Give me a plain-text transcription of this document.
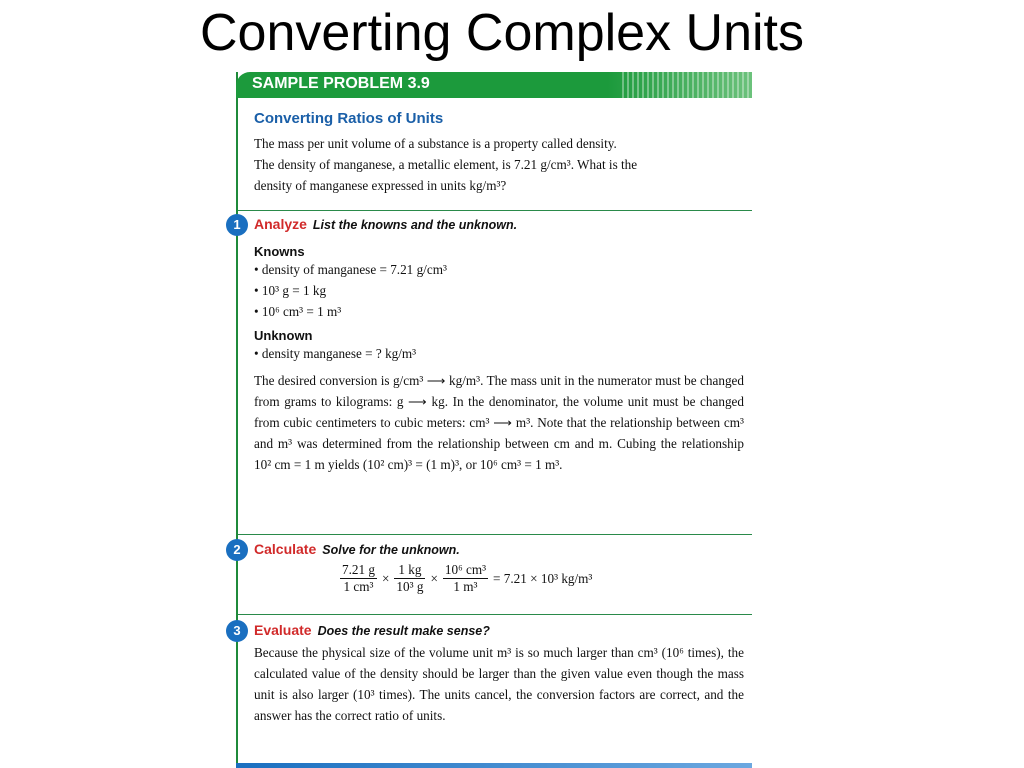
Converting Complex Units
SAMPLE PROBLEM 3.9
Converting Ratios of Units
The mass per unit volume of a substance is a property called density.
The density of manganese, a metallic element, is 7.21 g/cm³. What is the
density of manganese expressed in units kg/m³?
1 Analyze List the knowns and the unknown.
Knowns
• density of manganese = 7.21 g/cm³
• 10³ g = 1 kg
• 10⁶ cm³ = 1 m³
Unknown
• density manganese = ? kg/m³
The desired conversion is g/cm³ ⟶ kg/m³. The mass unit in the numerator must be changed from grams to kilograms: g ⟶ kg. In the denominator, the volume unit must be changed from cubic centimeters to cubic meters: cm³ ⟶ m³. Note that the relationship between cm³ and m³ was determined from the relationship between cm and m. Cubing the relationship 10² cm = 1 m yields (10² cm)³ = (1 m)³, or 10⁶ cm³ = 1 m³.
2 Calculate Solve for the unknown.
$\frac{7.21 g}{\text{1 cm³}} \times \frac{1 kg}{\text{10³ g}} \times \frac{\text{10⁶ cm³}}{\text{1 m³}} = 7.21 \times 10^3$ kg/m³
3 Evaluate Does the result make sense?
Because the physical size of the volume unit m³ is so much larger than cm³ (10⁶ times), the calculated value of the density should be larger than the given value even though the mass unit is also larger (10³ times). The units cancel, the conversion factors are correct, and the answer has the correct ratio of units.
